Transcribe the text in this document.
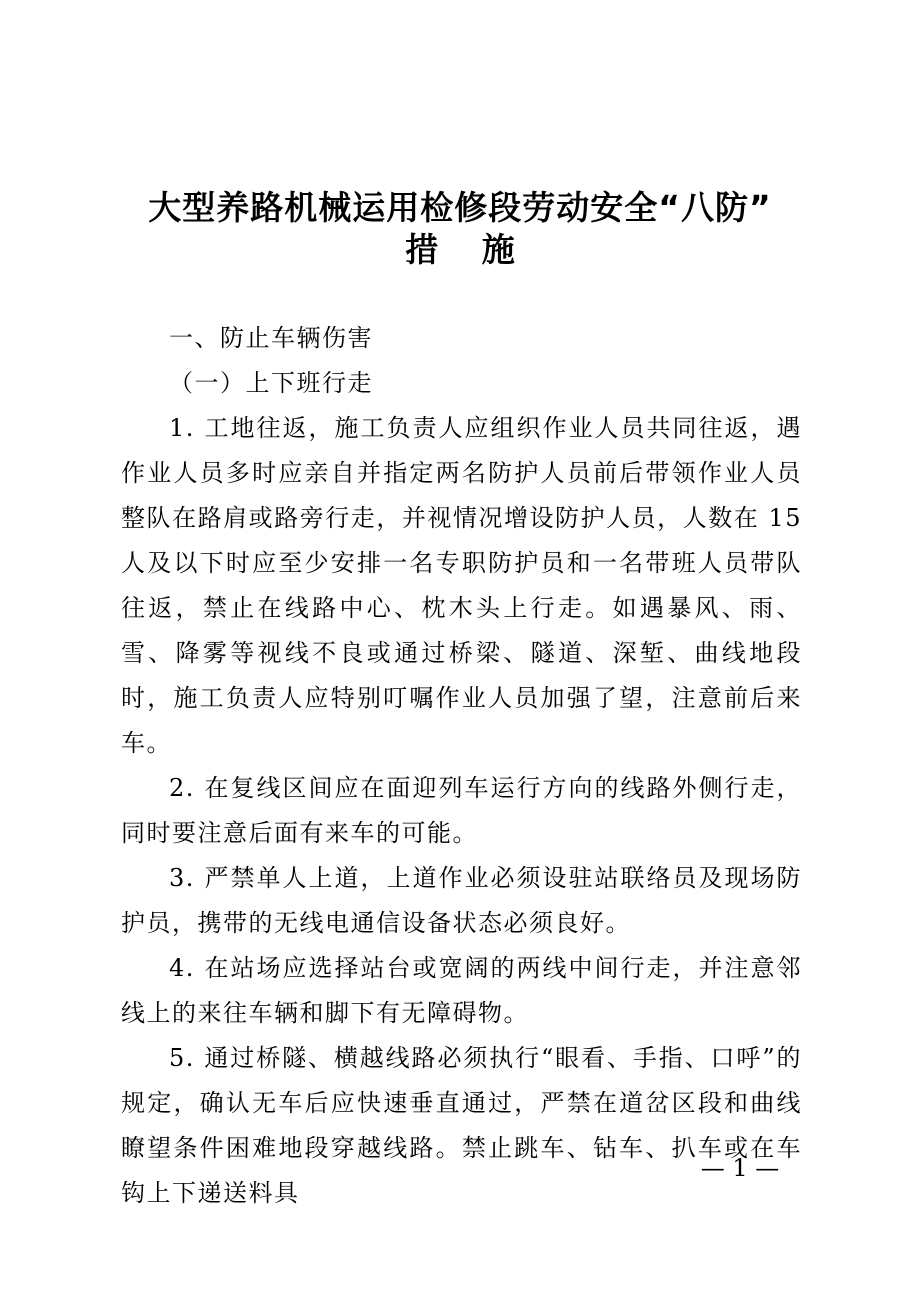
大型养路机械运用检修段劳动安全“八防”
措 施

一、防止车辆伤害

（一）上下班行走

1. 工地往返，施工负责人应组织作业人员共同往返，遇作业人员多时应亲自并指定两名防护人员前后带领作业人员整队在路肩或路旁行走，并视情况增设防护人员，人数在 15 人及以下时应至少安排一名专职防护员和一名带班人员带队往返，禁止在线路中心、枕木头上行走。如遇暴风、雨、雪、降雾等视线不良或通过桥梁、隧道、深堑、曲线地段时，施工负责人应特别叮嘱作业人员加强了望，注意前后来车。

2. 在复线区间应在面迎列车运行方向的线路外侧行走，同时要注意后面有来车的可能。

3. 严禁单人上道，上道作业必须设驻站联络员及现场防护员，携带的无线电通信设备状态必须良好。

4. 在站场应选择站台或宽阔的两线中间行走，并注意邻线上的来往车辆和脚下有无障碍物。

5. 通过桥隧、横越线路必须执行“眼看、手指、口呼”的规定，确认无车后应快速垂直通过，严禁在道岔区段和曲线瞭望条件困难地段穿越线路。禁止跳车、钻车、扒车或在车钩上下递送料具

— 1 —
